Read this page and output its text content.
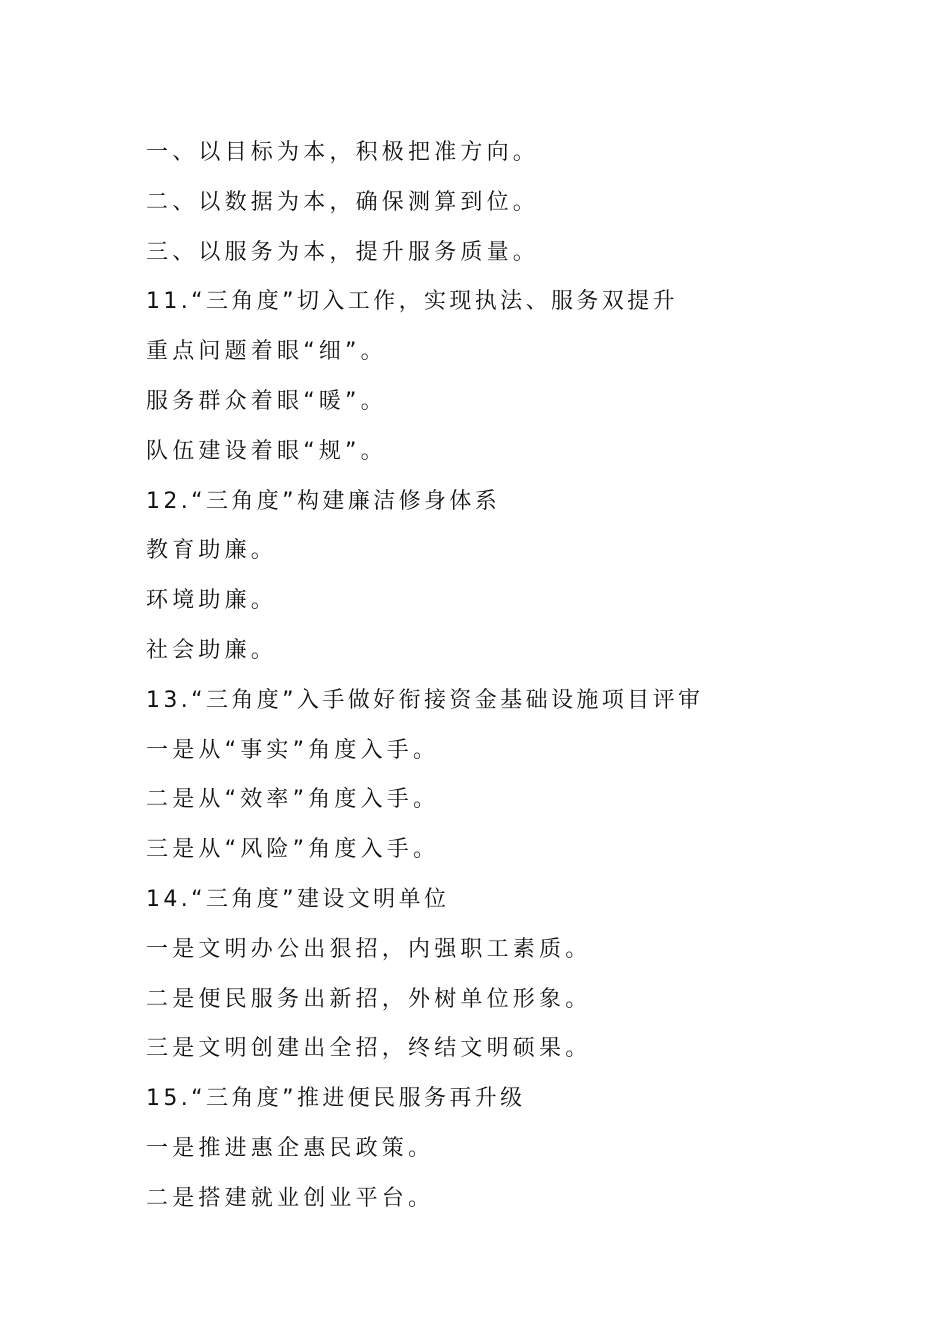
一、以目标为本，积极把准方向。
二、以数据为本，确保测算到位。
三、以服务为本，提升服务质量。
11.“三角度”切入工作，实现执法、服务双提升
重点问题着眼“细”。
服务群众着眼“暖”。
队伍建设着眼“规”。
12.“三角度”构建廉洁修身体系
教育助廉。
环境助廉。
社会助廉。
13.“三角度”入手做好衔接资金基础设施项目评审
一是从“事实”角度入手。
二是从“效率”角度入手。
三是从“风险”角度入手。
14.“三角度”建设文明单位
一是文明办公出狠招，内强职工素质。
二是便民服务出新招，外树单位形象。
三是文明创建出全招，终结文明硕果。
15.“三角度”推进便民服务再升级
一是推进惠企惠民政策。
二是搭建就业创业平台。
